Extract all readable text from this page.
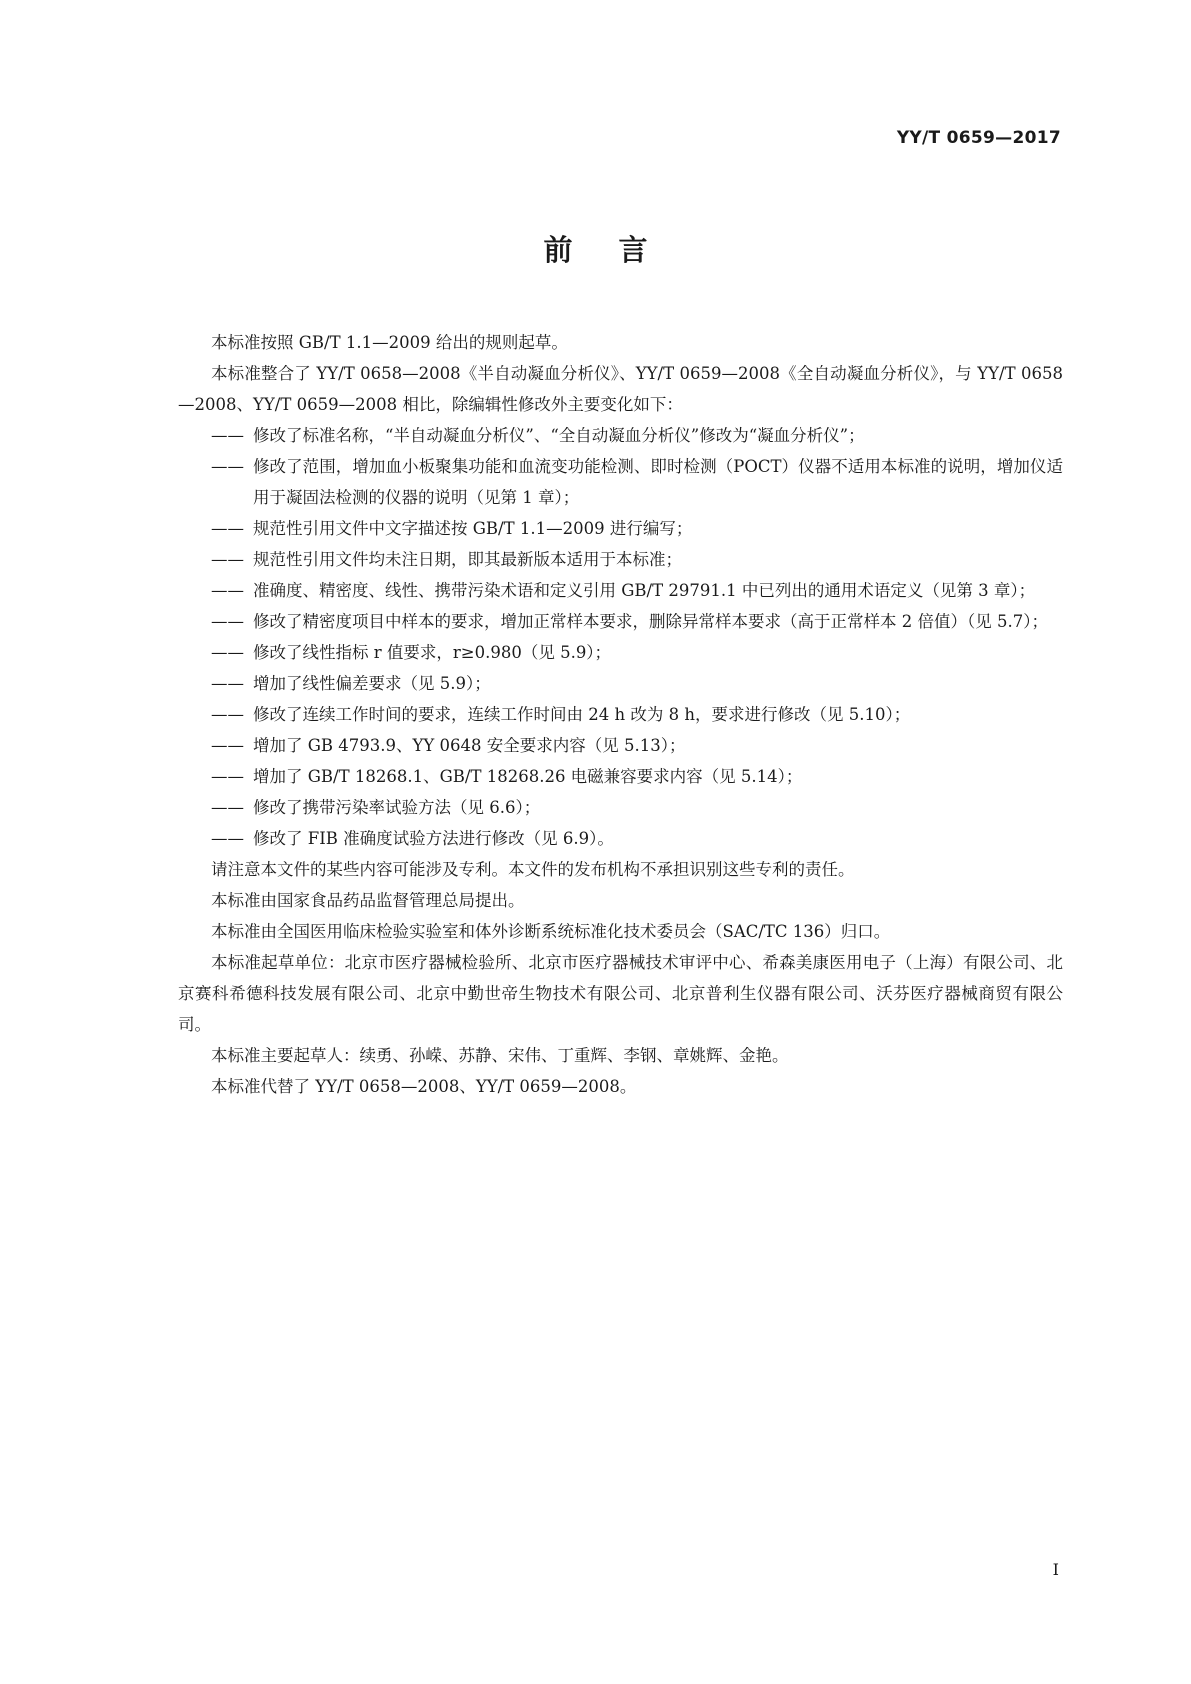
YY/T 0659—2017
前言
本标准按照 GB/T 1.1—2009 给出的规则起草。
本标准整合了 YY/T 0658—2008《半自动凝血分析仪》、YY/T 0659—2008《全自动凝血分析仪》，与 YY/T 0658—2008、YY/T 0659—2008 相比，除编辑性修改外主要变化如下：
—— 修改了标准名称，“半自动凝血分析仪”、“全自动凝血分析仪”修改为“凝血分析仪”；
—— 修改了范围，增加血小板聚集功能和血流变功能检测、即时检测（POCT）仪器不适用本标准的说明，增加仪适用于凝固法检测的仪器的说明（见第 1 章）；
—— 规范性引用文件中文字描述按 GB/T 1.1—2009 进行编写；
—— 规范性引用文件均未注日期，即其最新版本适用于本标准；
—— 准确度、精密度、线性、携带污染术语和定义引用 GB/T 29791.1 中已列出的通用术语定义（见第 3 章）；
—— 修改了精密度项目中样本的要求，增加正常样本要求，删除异常样本要求（高于正常样本 2 倍值）（见 5.7）；
—— 修改了线性指标 r 值要求，r≥0.980（见 5.9）；
—— 增加了线性偏差要求（见 5.9）；
—— 修改了连续工作时间的要求，连续工作时间由 24 h 改为 8 h，要求进行修改（见 5.10）；
—— 增加了 GB 4793.9、YY 0648 安全要求内容（见 5.13）；
—— 增加了 GB/T 18268.1、GB/T 18268.26 电磁兼容要求内容（见 5.14）；
—— 修改了携带污染率试验方法（见 6.6）；
—— 修改了 FIB 准确度试验方法进行修改（见 6.9）。
请注意本文件的某些内容可能涉及专利。本文件的发布机构不承担识别这些专利的责任。
本标准由国家食品药品监督管理总局提出。
本标准由全国医用临床检验实验室和体外诊断系统标准化技术委员会（SAC/TC 136）归口。
本标准起草单位：北京市医疗器械检验所、北京市医疗器械技术审评中心、希森美康医用电子（上海）有限公司、北京赛科希德科技发展有限公司、北京中勤世帝生物技术有限公司、北京普利生仪器有限公司、沃芬医疗器械商贸有限公司。
本标准主要起草人：续勇、孙嵘、苏静、宋伟、丁重辉、李钢、章姚辉、金艳。
本标准代替了 YY/T 0658—2008、YY/T 0659—2008。
I
